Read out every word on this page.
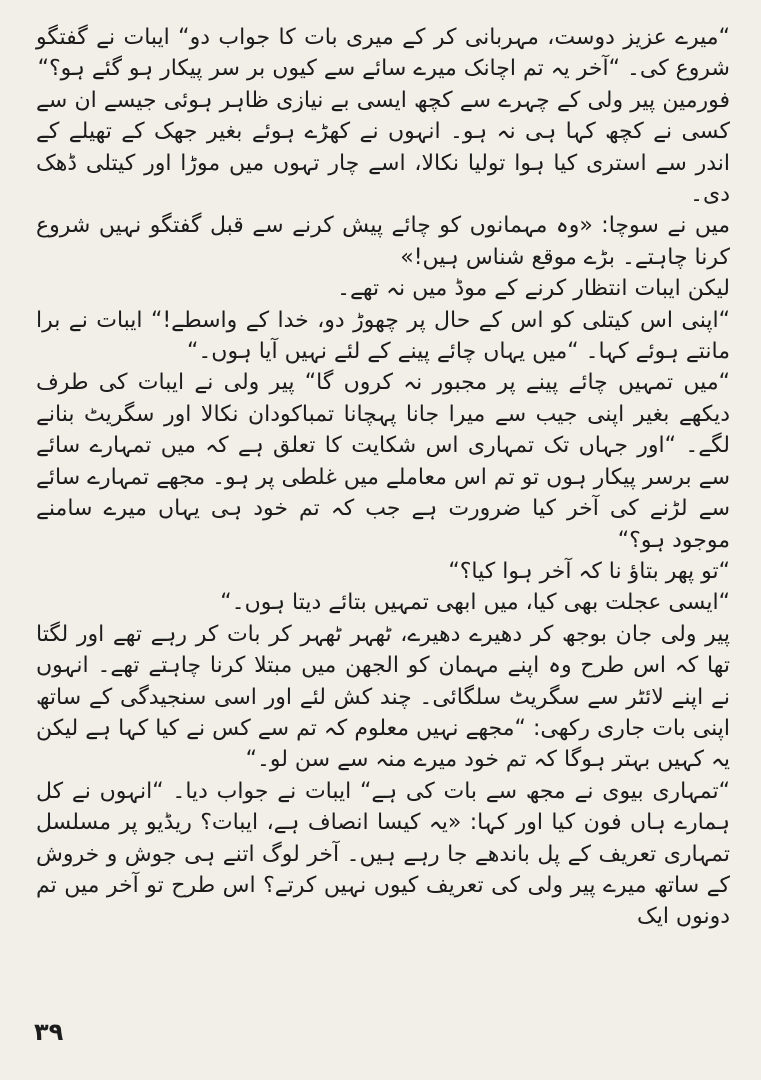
“میرے عزیز دوست، مہربانی کر کے میری بات کا جواب دو“ ایبات نے گفتگو شروع کی۔ “آخر یہ تم اچانک میرے سائے سے کیوں بر سر پیکار ہو گئے ہو؟“

فورمین پیر ولی کے چہرے سے کچھ ایسی بے نیازی ظاہر ہوئی جیسے ان سے کسی نے کچھ کہا ہی نہ ہو۔ انہوں نے کھڑے ہوئے بغیر جھک کے تھیلے کے اندر سے استری کیا ہوا تولیا نکالا، اسے چار تہوں میں موڑا اور کیتلی ڈھک دی۔

میں نے سوچا: «وہ مہمانوں کو چائے پیش کرنے سے قبل گفتگو نہیں شروع کرنا چاہتے۔ بڑے موقع شناس ہیں!»

لیکن ایبات انتظار کرنے کے موڈ میں نہ تھے۔

“اپنی اس کیتلی کو اس کے حال پر چھوڑ دو، خدا کے واسطے!“ ایبات نے برا مانتے ہوئے کہا۔ “میں یہاں چائے پینے کے لئے نہیں آیا ہوں۔“

“میں تمہیں چائے پینے پر مجبور نہ کروں گا“ پیر ولی نے ایبات کی طرف دیکھے بغیر اپنی جیب سے میرا جانا پہچانا تمباکودان نکالا اور سگریٹ بنانے لگے۔ “اور جہاں تک تمہاری اس شکایت کا تعلق ہے کہ میں تمہارے سائے سے برسر پیکار ہوں تو تم اس معاملے میں غلطی پر ہو۔ مجھے تمہارے سائے سے لڑنے کی آخر کیا ضرورت ہے جب کہ تم خود ہی یہاں میرے سامنے موجود ہو؟“

“تو پھر بتاؤ نا کہ آخر ہوا کیا؟“

“ایسی عجلت بھی کیا، میں ابھی تمہیں بتائے دیتا ہوں۔“

پیر ولی جان بوجھ کر دھیرے دھیرے، ٹھہر ٹھہر کر بات کر رہے تھے اور لگتا تھا کہ اس طرح وہ اپنے مہمان کو الجھن میں مبتلا کرنا چاہتے تھے۔ انہوں نے اپنے لائٹر سے سگریٹ سلگائی۔ چند کش لئے اور اسی سنجیدگی کے ساتھ اپنی بات جاری رکھی: “مجھے نہیں معلوم کہ تم سے کس نے کیا کہا ہے لیکن یہ کہیں بہتر ہوگا کہ تم خود میرے منہ سے سن لو۔“

“تمہاری بیوی نے مجھ سے بات کی ہے“ ایبات نے جواب دیا۔ “انہوں نے کل ہمارے ہاں فون کیا اور کہا: «یہ کیسا انصاف ہے، ایبات؟ ریڈیو پر مسلسل تمہاری تعریف کے پل باندھے جا رہے ہیں۔ آخر لوگ اتنے ہی جوش و خروش کے ساتھ میرے پیر ولی کی تعریف کیوں نہیں کرتے؟ اس طرح تو آخر میں تم دونوں ایک

۳۹
